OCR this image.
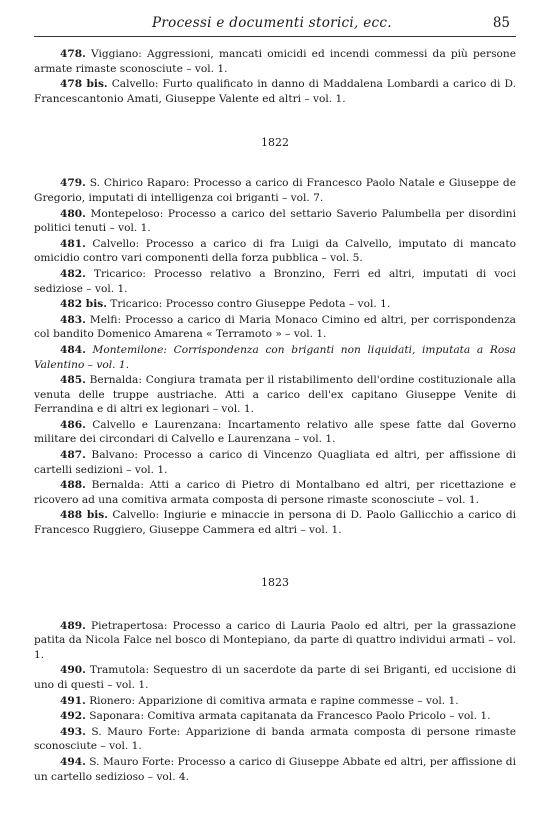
Processi e documenti storici, ecc.	85

478. Viggiano: Aggressioni, mancati omicidi ed incendi commessi da più persone armate rimaste sconosciute – vol. 1.

478 bis. Calvello: Furto qualificato in danno di Maddalena Lombardi a carico di D. Francescantonio Amati, Giuseppe Valente ed altri – vol. 1.

1822

479. S. Chirico Raparo: Processo a carico di Francesco Paolo Natale e Giuseppe de Gregorio, imputati di intelligenza coi briganti – vol. 7.

480. Montepeloso: Processo a carico del settario Saverio Palumbella per disordini politici tenuti – vol. 1.

481. Calvello: Processo a carico di fra Luigi da Calvello, imputato di mancato omicidio contro vari componenti della forza pubblica – vol. 5.

482. Tricarico: Processo relativo a Bronzino, Ferri ed altri, imputati di voci sediziose – vol. 1.

482 bis. Tricarico: Processo contro Giuseppe Pedota – vol. 1.

483. Melfi: Processo a carico di Maria Monaco Cimino ed altri, per corrispondenza col bandito Domenico Amarena « Terramoto » – vol. 1.

484. Montemilone: Corrispondenza con briganti non liquidati, imputata a Rosa Valentino – vol. 1.

485. Bernalda: Congiura tramata per il ristabilimento dell'ordine costituzionale alla venuta delle truppe austriache. Atti a carico dell'ex capitano Giuseppe Venite di Ferrandina e di altri ex legionari – vol. 1.

486. Calvello e Laurenzana: Incartamento relativo alle spese fatte dal Governo militare dei circondari di Calvello e Laurenzana – vol. 1.

487. Balvano: Processo a carico di Vincenzo Quagliata ed altri, per affissione di cartelli sedizioni – vol. 1.

488. Bernalda: Atti a carico di Pietro di Montalbano ed altri, per ricettazione e ricovero ad una comitiva armata composta di persone rimaste sconosciute – vol. 1.

488 bis. Calvello: Ingiurie e minaccie in persona di D. Paolo Gallicchio a carico di Francesco Ruggiero, Giuseppe Cammera ed altri – vol. 1.

1823

489. Pietrapertosa: Processo a carico di Lauria Paolo ed altri, per la grassazione patita da Nicola Falce nel bosco di Montepiano, da parte di quattro individui armati – vol. 1.

490. Tramutola: Sequestro di un sacerdote da parte di sei Briganti, ed uccisione di uno di questi – vol. 1.

491. Rionero: Apparizione di comitiva armata e rapine commesse – vol. 1.

492. Saponara: Comitiva armata capitanata da Francesco Paolo Pricolo – vol. 1.

493. S. Mauro Forte: Apparizione di banda armata composta di persone rimaste sconosciute – vol. 1.

494. S. Mauro Forte: Processo a carico di Giuseppe Abbate ed altri, per affissione di un cartello sedizioso – vol. 4.
